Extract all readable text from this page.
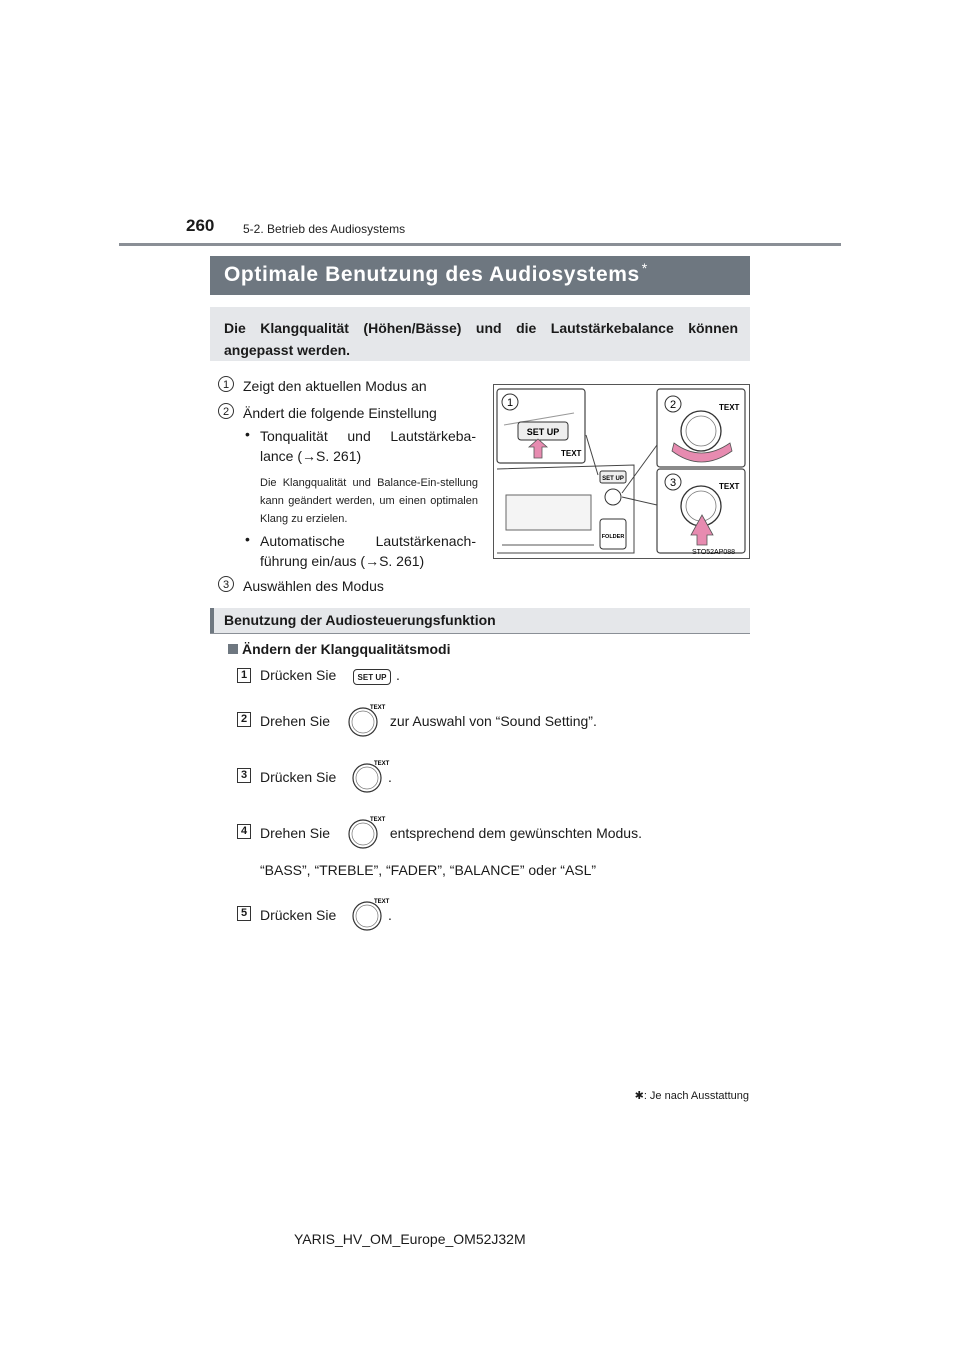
260 5-2. Betrieb des Audiosystems
Optimale Benutzung des Audiosystems *
Die Klangqualität (Höhen/Bässe) und die Lautstärkebalance können angepasst werden.
1 Zeigt den aktuellen Modus an
2 Ändert die folgende Einstellung
• Tonqualität und Lautstärkeba-lance (→S. 261)
Die Klangqualität und Balance-Ein-stellung kann geändert werden, um einen optimalen Klang zu erzielen.
• Automatische Lautstärkenach-führung ein/aus (→S. 261)
3 Auswählen des Modus
1
SET UP
TEXT
2	TEXT
3	TEXT
SET UP
FOLDER
STO52AP088
Benutzung der Audiosteuerungsfunktion
Ändern der Klangqualitätsmodi
1 Drücken Sie	.
SET UP
2 Drehen Sie	zur Auswahl von “Sound Setting”.
TEXT
3 Drücken Sie	.
TEXT
4 Drehen Sie	entsprechend dem gewünschten Modus.
TEXT
“BASS”, “TREBLE”, “FADER”, “BALANCE” oder “ASL”
5 Drücken Sie	.
TEXT
✱: Je nach Ausstattung
YARIS_HV_OM_Europe_OM52J32M
